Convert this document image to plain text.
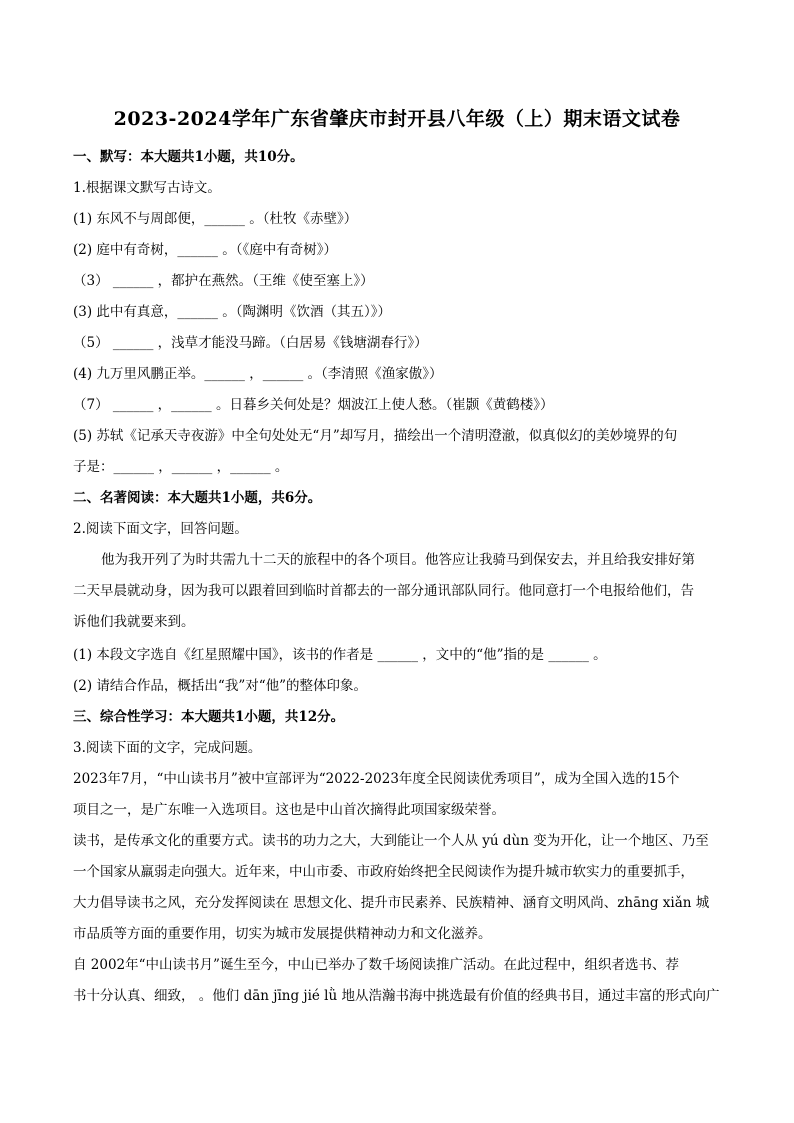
2023-2024学年广东省肇庆市封开县八年级（上）期末语文试卷
一、默写：本大题共1小题，共10分。
1.根据课文默写古诗文。
(1) 东风不与周郎便，______ 。（杜牧《赤壁》）
(2) 庭中有奇树，______ 。（《庭中有奇树》）
（3） ______ ，都护在燕然。（王维《使至塞上》）
(3) 此中有真意，______ 。（陶渊明《饮酒（其五）》）
（5） ______ ，浅草才能没马蹄。（白居易《钱塘湖春行》）
(4) 九万里风鹏正举。______ ，______ 。（李清照《渔家傲》）
（7） ______ ，______ 。日暮乡关何处是？烟波江上使人愁。（崔颢《黄鹤楼》）
(5) 苏轼《记承天寺夜游》中全句处处无“月”却写月，描绘出一个清明澄澈，似真似幻的美妙境界的句
子是：______ ，______ ，______ 。
二、名著阅读：本大题共1小题，共6分。
2.阅读下面文字，回答问题。
他为我开列了为时共需九十二天的旅程中的各个项目。他答应让我骑马到保安去，并且给我安排好第
二天早晨就动身，因为我可以跟着回到临时首都去的一部分通讯部队同行。他同意打一个电报给他们，告
诉他们我就要来到。
(1) 本段文字选自《红星照耀中国》，该书的作者是 ______ ，文中的“他”指的是 ______ 。
(2) 请结合作品，概括出“我”对“他”的整体印象。
三、综合性学习：本大题共1小题，共12分。
3.阅读下面的文字，完成问题。
2023年7月，“中山读书月”被中宣部评为“2022-2023年度全民阅读优秀项目”，成为全国入选的15个
项目之一，是广东唯一入选项目。这也是中山首次摘得此项国家级荣誉。
读书，是传承文化的重要方式。读书的功力之大，大到能让一个人从 yú dùn 变为开化，让一个地区、乃至
一个国家从羸弱走向强大。近年来，中山市委、市政府始终把全民阅读作为提升城市软实力的重要抓手，
大力倡导读书之风，充分发挥阅读在 思想文化、提升市民素养、民族精神、涵育文明风尚、zhāng xiǎn 城
市品质等方面的重要作用，切实为城市发展提供精神动力和文化滋养。
自 2002年“中山读书月”诞生至今，中山已举办了数千场阅读推广活动。在此过程中，组织者选书、荐
书十分认真、细致， 。他们 dān jīng jié lǜ 地从浩瀚书海中挑选最有价值的经典书目，通过丰富的形式向广
